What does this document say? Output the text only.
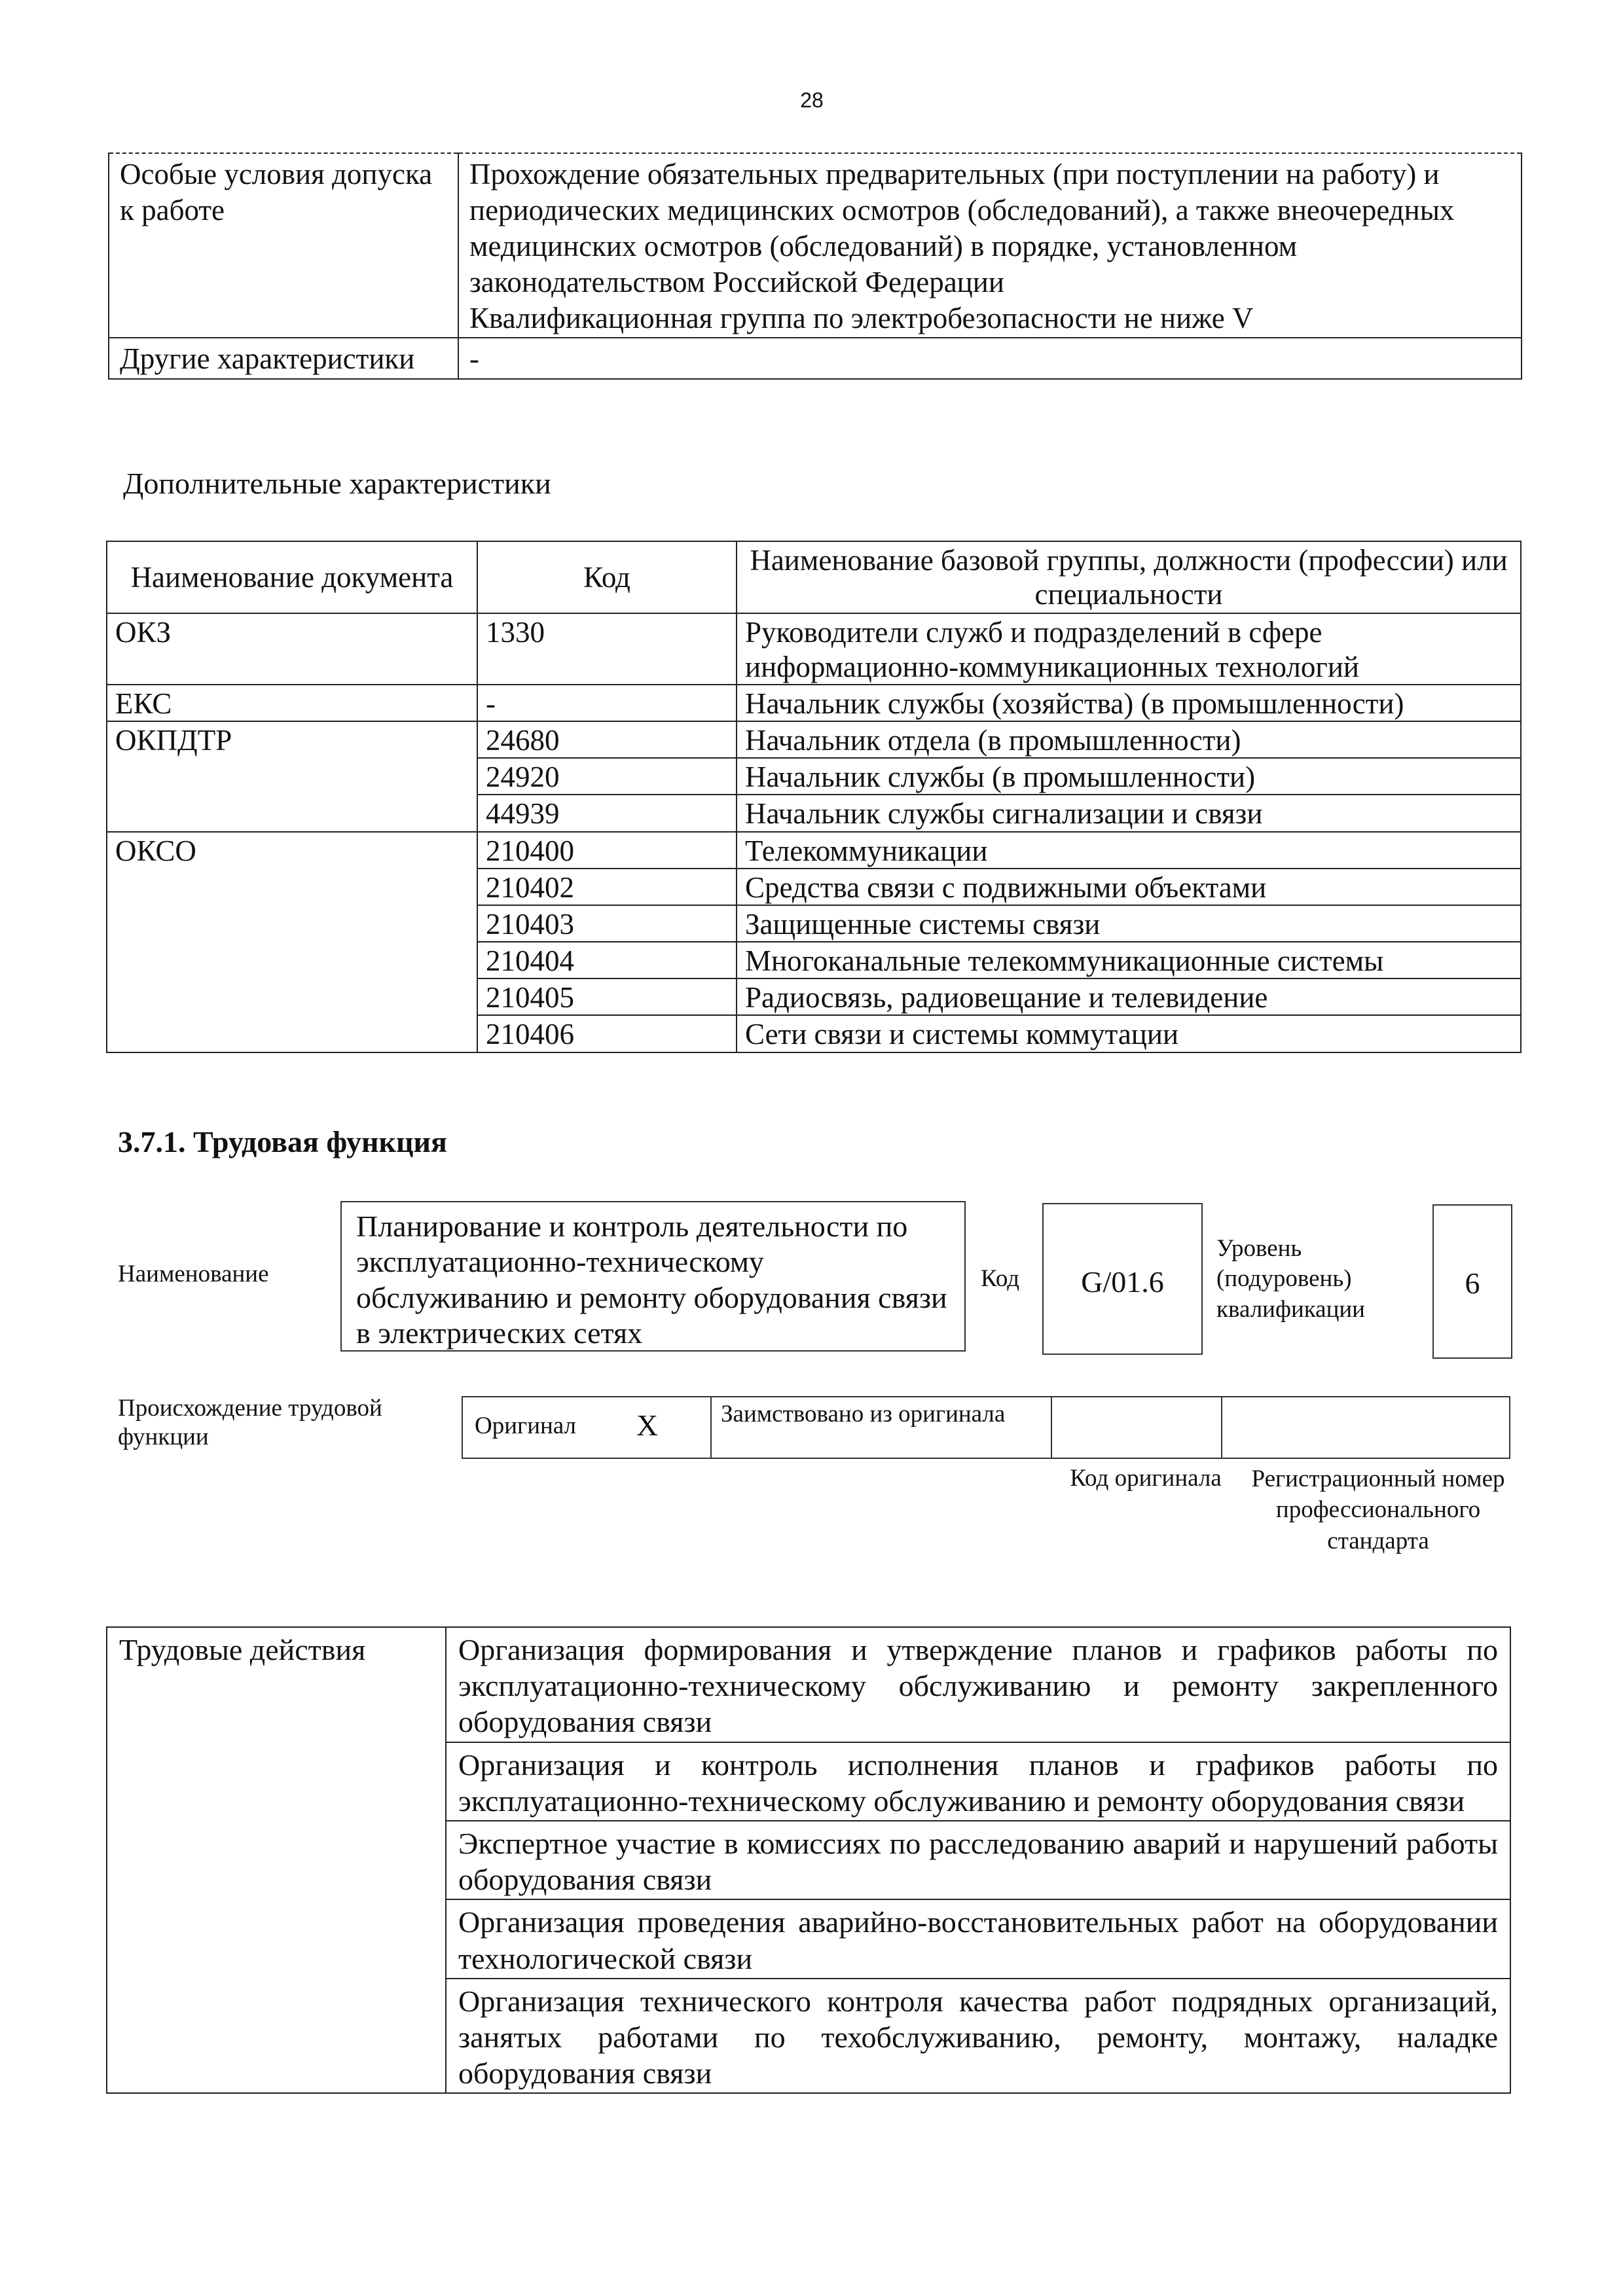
28
Особые условия допуска к работе	Прохождение обязательных предварительных (при поступлении на работу) и периодических медицинских осмотров (обследований), а также внеочередных медицинских осмотров (обследований) в порядке, установленном законодательством Российской Федерации
Квалификационная группа по электробезопасности не ниже V

Другие характеристики	-
Дополнительные характеристики
Наименование документа	Код	Наименование базовой группы, должности (профессии) или специальности
ОКЗ	1330	Руководители служб и подразделений в сфере информационно-коммуникационных технологий
ЕКС	-	Начальник службы (хозяйства) (в промышленности)
ОКПДТР	24680	Начальник отдела (в промышленности)
	24920	Начальник службы (в промышленности)
	44939	Начальник службы сигнализации и связи
ОКСО	210400	Телекоммуникации
	210402	Средства связи с подвижными объектами
	210403	Защищенные системы связи
	210404	Многоканальные телекоммуникационные системы
	210405	Радиосвязь, радиовещание и телевидение
	210406	Сети связи и системы коммутации
3.7.1. Трудовая функция
Наименование
Планирование и контроль деятельности по эксплуатационно-техническому обслуживанию и ремонту оборудования связи в электрических сетях
Код	G/01.6
Уровень (подуровень) квалификации
6
Происхождение трудовой функции	Оригинал X	Заимствовано из оригинала
Код оригинала	Регистрационный номер профессионального стандарта
Трудовые действия	Организация формирования и утверждение планов и графиков работы по эксплуатационно-техническому обслуживанию и ремонту закрепленного оборудования связи
Организация и контроль исполнения планов и графиков работы по эксплуатационно-техническому обслуживанию и ремонту оборудования связи
Экспертное участие в комиссиях по расследованию аварий и нарушений работы оборудования связи
Организация проведения аварийно-восстановительных работ на оборудовании технологической связи
Организация технического контроля качества работ подрядных организаций, занятых работами по техобслуживанию, ремонту, монтажу, наладке оборудования связи
